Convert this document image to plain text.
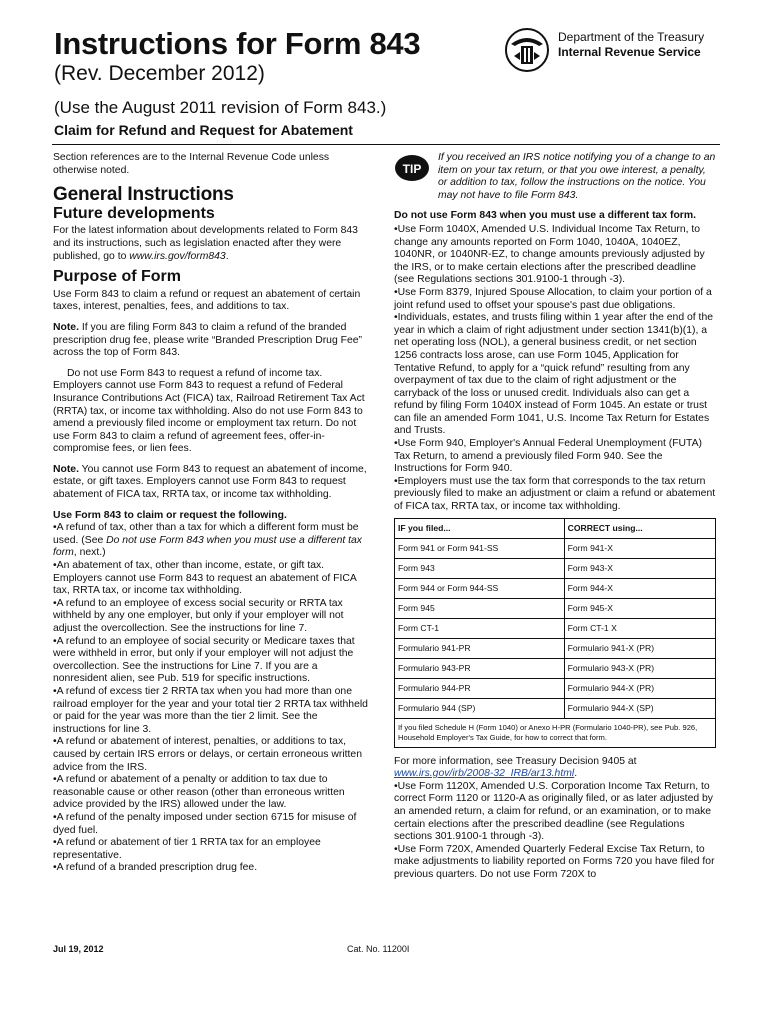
Instructions for Form 843
(Rev. December 2012)
(Use the August 2011 revision of Form 843.)
Claim for Refund and Request for Abatement
Department of the Treasury
Internal Revenue Service

Section references are to the Internal Revenue Code unless otherwise noted.

General Instructions
Future developments

For the latest information about developments related to Form 843 and its instructions, such as legislation enacted after they were published, go to www.irs.gov/form843.

Purpose of Form

Use Form 843 to claim a refund or request an abatement of certain taxes, interest, penalties, fees, and additions to tax.

Note. If you are filing Form 843 to claim a refund of the branded prescription drug fee, please write “Branded Prescription Drug Fee” across the top of Form 843.

Do not use Form 843 to request a refund of income tax. Employers cannot use Form 843 to request a refund of Federal Insurance Contributions Act (FICA) tax, Railroad Retirement Tax Act (RRTA) tax, or income tax withholding. Also do not use Form 843 to amend a previously filed income or employment tax return. Do not use Form 843 to claim a refund of agreement fees, offer-in-compromise fees, or lien fees.

Note. You cannot use Form 843 to request an abatement of income, estate, or gift taxes. Employers cannot use Form 843 to request abatement of FICA tax, RRTA tax, or income tax withholding.

Use Form 843 to claim or request the following.
• A refund of tax, other than a tax for which a different form must be used. (See Do not use Form 843 when you must use a different tax form, next.)
• An abatement of tax, other than income, estate, or gift tax. Employers cannot use Form 843 to request an abatement of FICA tax, RRTA tax, or income tax withholding.
• A refund to an employee of excess social security or RRTA tax withheld by any one employer, but only if your employer will not adjust the overcollection. See the instructions for line 7.
• A refund to an employee of social security or Medicare taxes that were withheld in error, but only if your employer will not adjust the overcollection. See the instructions for Line 7. If you are a nonresident alien, see Pub. 519 for specific instructions.
• A refund of excess tier 2 RRTA tax when you had more than one railroad employer for the year and your total tier 2 RRTA tax withheld or paid for the year was more than the tier 2 limit. See the instructions for line 3.
• A refund or abatement of interest, penalties, or additions to tax, caused by certain IRS errors or delays, or certain erroneous written advice from the IRS.
• A refund or abatement of a penalty or addition to tax due to reasonable cause or other reason (other than erroneous written advice provided by the IRS) allowed under the law.
• A refund of the penalty imposed under section 6715 for misuse of dyed fuel.
• A refund or abatement of tier 1 RRTA tax for an employee representative.
• A refund of a branded prescription drug fee.
TIP

If you received an IRS notice notifying you of a change to an item on your tax return, or that you owe interest, a penalty, or addition to tax, follow the instructions on the notice. You may not have to file Form 843.

Do not use Form 843 when you must use a different tax form.
• Use Form 1040X, Amended U.S. Individual Income Tax Return, to change any amounts reported on Form 1040, 1040A, 1040EZ, 1040NR, or 1040NR-EZ, to change amounts previously adjusted by the IRS, or to make certain elections after the prescribed deadline (see Regulations sections 301.9100-1 through -3).
• Use Form 8379, Injured Spouse Allocation, to claim your portion of a joint refund used to offset your spouse's past due obligations.
• Individuals, estates, and trusts filing within 1 year after the end of the year in which a claim of right adjustment under section 1341(b)(1), a net operating loss (NOL), a general business credit, or net section 1256 contracts loss arose, can use Form 1045, Application for Tentative Refund, to apply for a “quick refund” resulting from any overpayment of tax due to the claim of right adjustment or the carryback of the loss or unused credit. Individuals also can get a refund by filing Form 1040X instead of Form 1045. An estate or trust can file an amended Form 1041, U.S. Income Tax Return for Estates and Trusts.
• Use Form 940, Employer's Annual Federal Unemployment (FUTA) Tax Return, to amend a previously filed Form 940. See the Instructions for Form 940.
• Employers must use the tax form that corresponds to the tax return previously filed to make an adjustment or claim a refund or abatement of FICA tax, RRTA tax, or income tax withholding.
IF you filed...	CORRECT using...
Form 941 or Form 941-SS	Form 941-X
Form 943	Form 943-X
Form 944 or Form 944-SS	Form 944-X
Form 945	Form 945-X
Form CT-1	Form CT-1 X
Formulario 941-PR	Formulario 941-X (PR)
Formulario 943-PR	Formulario 943-X (PR)
Formulario 944-PR	Formulario 944-X (PR)
Formulario 944 (SP)	Formulario 944-X (SP)
If you filed Schedule H (Form 1040) or Anexo H-PR (Formulario 1040-PR), see Pub. 926, Household Employer's Tax Guide, for how to correct that form.	

For more information, see Treasury Decision 9405 at
www.irs.gov/irb/2008-32_IRB/ar13.html.

• Use Form 1120X, Amended U.S. Corporation Income Tax Return, to correct Form 1120 or 1120-A as originally filed, or as later adjusted by an amended return, a claim for refund, or an examination, or to make certain elections after the prescribed deadline (see Regulations sections 301.9100-1 through -3).
• Use Form 720X, Amended Quarterly Federal Excise Tax Return, to make adjustments to liability reported on Forms 720 you have filed for previous quarters. Do not use Form 720X to
Jul 19, 2012	Cat. No. 11200I
